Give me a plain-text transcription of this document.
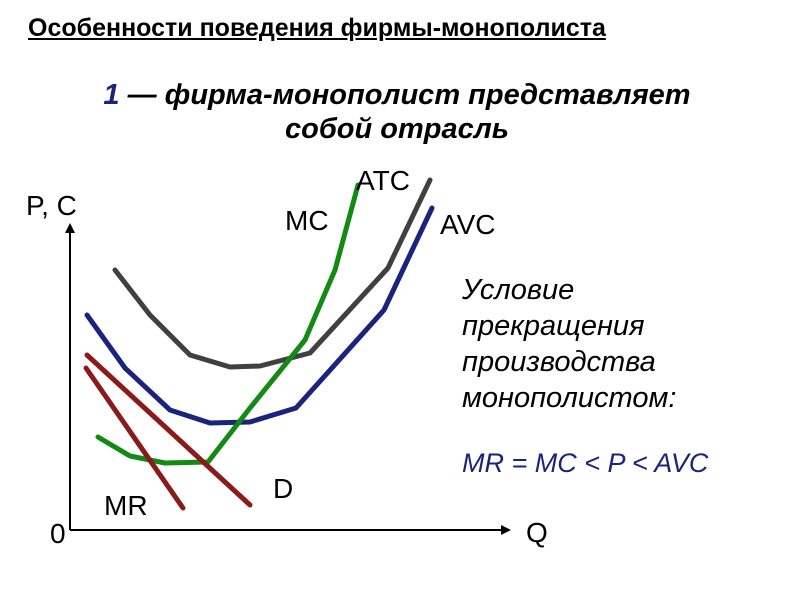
Особенности поведения фирмы-монополиста
1 — фирма-монополист представляет
собой отрасль
P, C
Q
0
ATC
AVC
MC
MR
D
Условие
прекращения
производства
монополистом:
MR = MC < P < AVC
